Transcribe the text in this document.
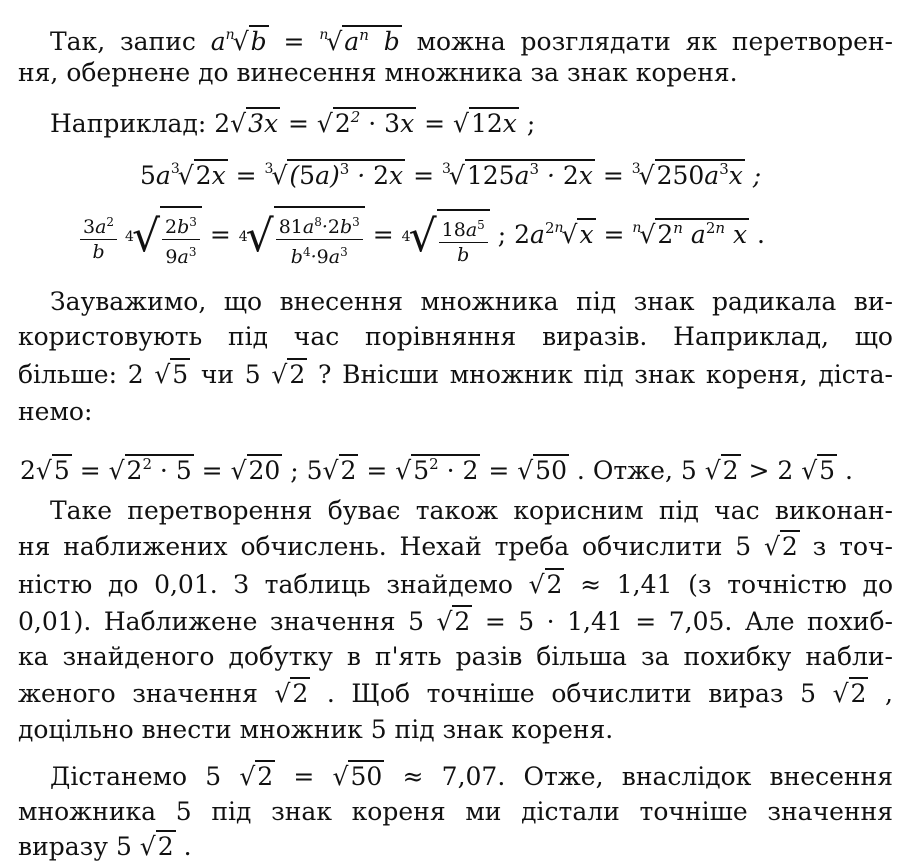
Так, запис $a^n√b = ^n√a^n$ b можна розглядати як перетворен-
ня, обернене до винесення множника за знак кореня.
Наприклад: $2√3x = √2^2 \cdot 3x = √12x$ ;
$5a^3√2x = ^3√(5a)^3 \cdot 2x = ^3√125a^3 \cdot 2x = ^3√250a^3x$ ;
$\frac{3a^2}{b}$
4
√ $\frac{2b^3}{9a^3} = 4$
√ $\frac{81a^8\cdot 2b^3}{b^4\cdot 9a^3} = 4$
√ $\frac{18a^5}{b}$ ; $2a^{2n}√x = ^n√2^n$ $a^{2n}$ x .
Зауважимо, що внесення множника під знак радикала ви-
користовують під час порівняння виразів. Наприклад, що
більше: 2 √5 чи 5 √2 ? Внісши множник під знак кореня, діста-
немо:
$2√5 = √2^2 \cdot 5 = √20$ ; $5√2 = √5^2 \cdot 2 = √50$ . Отже, 5 √2 > 2 √5 .
Таке перетворення буває також корисним під час виконан-
ня наближених обчислень. Нехай треба обчислити 5 √2 з точ-
ністю до 0,01. З таблиць знайдемо √2 ≈ 1,41 (з точністю до
0,01). Наближене значення 5 √2 = 5 · 1,41 = 7,05. Але похиб-
ка знайденого добутку в п'ять разів більша за похибку набли-
женого значення √2 . Щоб точніше обчислити вираз 5 √2 ,
доцільно внести множник 5 під знак кореня.
Дістанемо 5 √2 = √50 ≈ 7,07. Отже, внаслідок внесення
множника 5 під знак кореня ми дістали точніше значення
виразу 5 √2 .
